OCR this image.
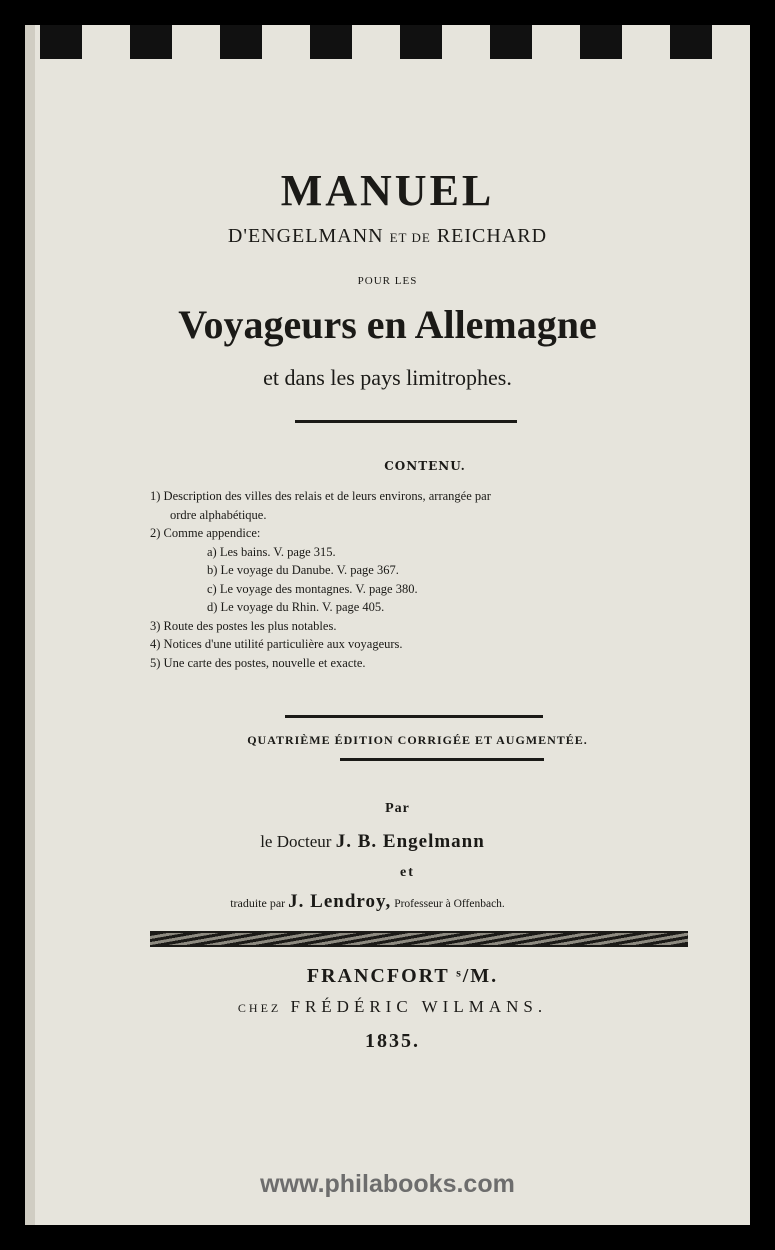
MANUEL
D'ENGELMANN ET DE REICHARD
POUR LES
Voyageurs en Allemagne
et dans les pays limitrophes.
CONTENU.
1) Description des villes des relais et de leurs environs, arrangée par
ordre alphabétique.
2) Comme appendice:
a) Les bains. V. page 315.
b) Le voyage du Danube. V. page 367.
c) Le voyage des montagnes. V. page 380.
d) Le voyage du Rhin. V. page 405.
3) Route des postes les plus notables.
4) Notices d'une utilité particulière aux voyageurs.
5) Une carte des postes, nouvelle et exacte.
QUATRIÈME ÉDITION CORRIGÉE ET AUGMENTÉE.
Par
le Docteur J. B. Engelmann
et
traduite par J. Lendroy, Professeur à Offenbach.
FRANCFORT ˢ/M.
CHEZ FRÉDÉRIC WILMANS.
1835.
www.philabooks.com
